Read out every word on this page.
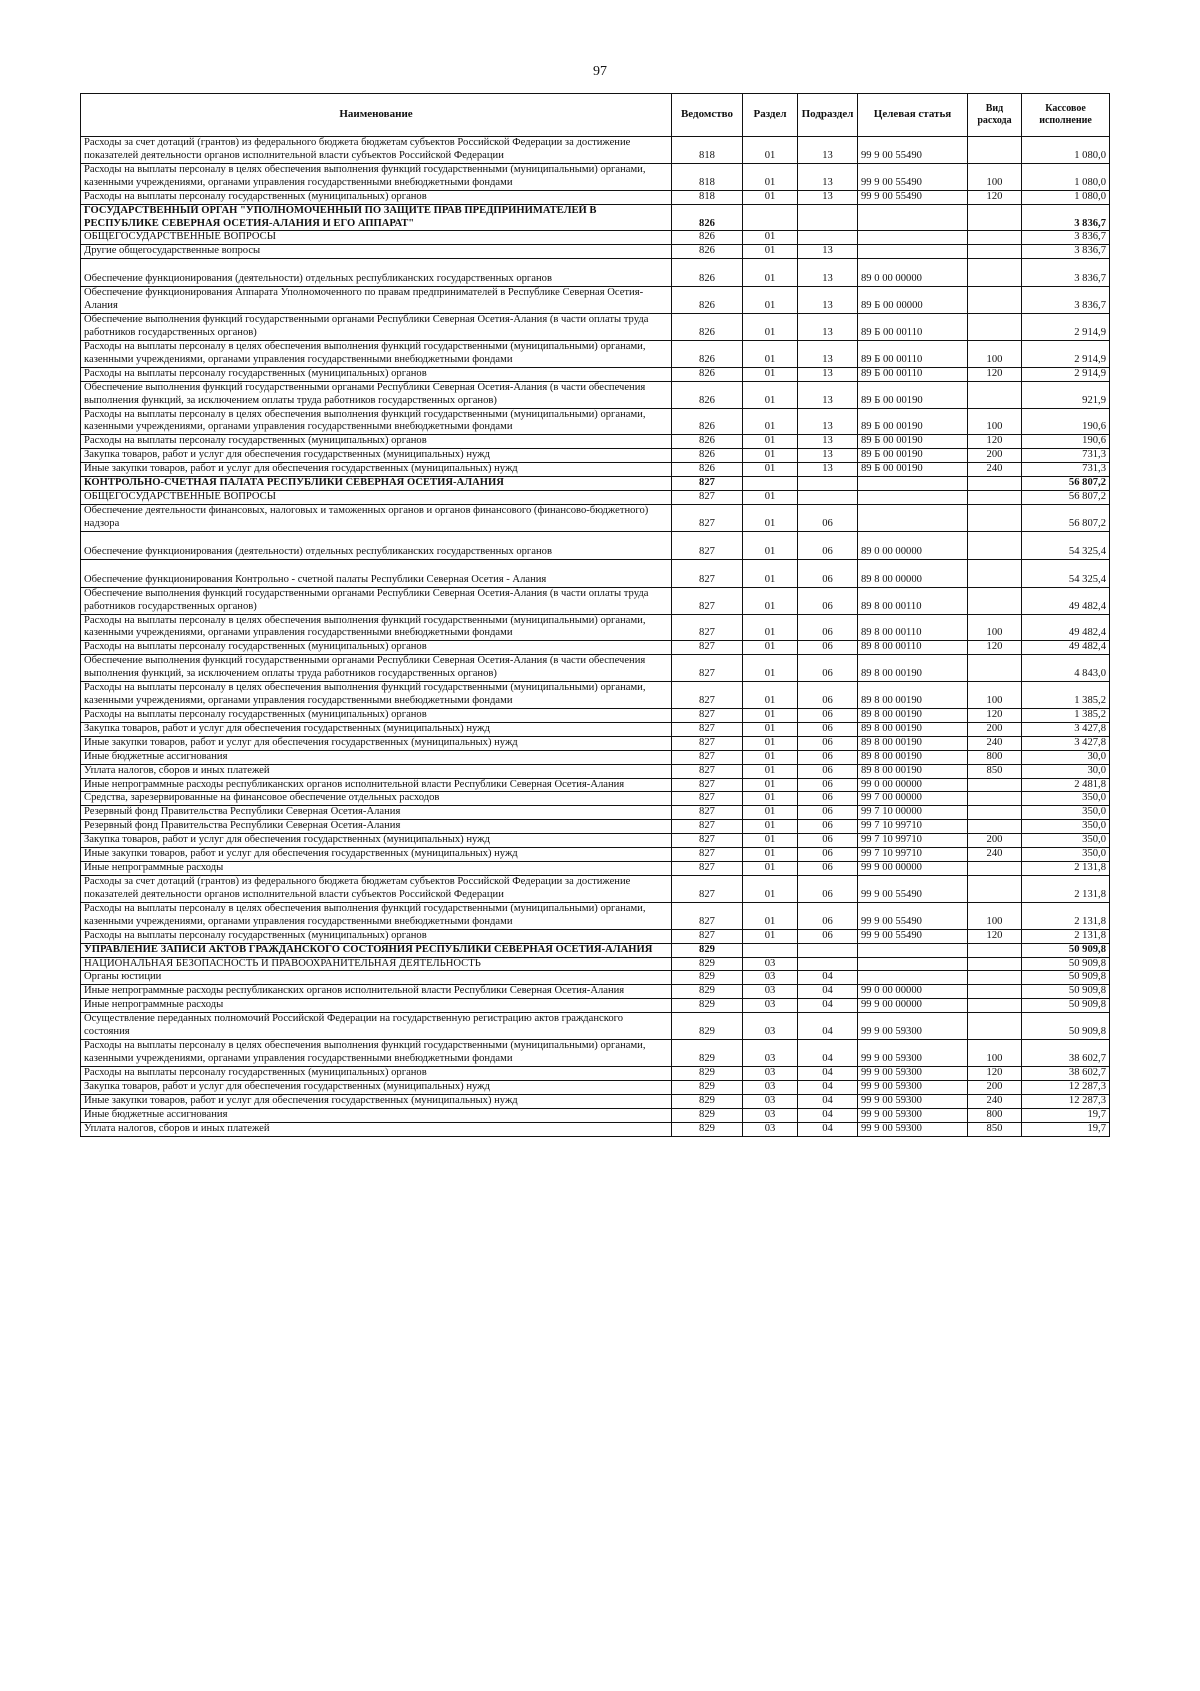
97
Наименование	Ведомство	Раздел	Подраздел	Целевая статья	Вид расхода	Кассовое исполнение
Расходы за счет дотаций (грантов) из федерального бюджета бюджетам субъектов Российской Федерации за достижение показателей деятельности органов исполнительной власти субъектов Российской Федерации	818	01	13	99 9 00 55490		1 080,0
Расходы на выплаты персоналу в целях обеспечения выполнения функций государственными (муниципальными) органами, казенными учреждениями, органами управления государственными внебюджетными фондами	818	01	13	99 9 00 55490	100	1 080,0
Расходы на выплаты персоналу государственных (муниципальных) органов	818	01	13	99 9 00 55490	120	1 080,0
ГОСУДАРСТВЕННЫЙ ОРГАН "УПОЛНОМОЧЕННЫЙ ПО ЗАЩИТЕ ПРАВ ПРЕДПРИНИМАТЕЛЕЙ В РЕСПУБЛИКЕ СЕВЕРНАЯ ОСЕТИЯ-АЛАНИЯ И ЕГО АППАРАТ"	826					3 836,7
ОБЩЕГОСУДАРСТВЕННЫЕ ВОПРОСЫ	826	01				3 836,7
Другие общегосударственные вопросы	826	01	13			3 836,7
Обеспечение функционирования (деятельности) отдельных республиканских государственных органов	826	01	13	89 0 00 00000		3 836,7
Обеспечение функционирования Аппарата Уполномоченного по правам предпринимателей в Республике Северная Осетия-Алания	826	01	13	89 Б 00 00000		3 836,7
Обеспечение выполнения функций государственными органами Республики Северная Осетия-Алания (в части оплаты труда работников государственных органов)	826	01	13	89 Б 00 00110		2 914,9
Расходы на выплаты персоналу в целях обеспечения выполнения функций государственными (муниципальными) органами, казенными учреждениями, органами управления государственными внебюджетными фондами	826	01	13	89 Б 00 00110	100	2 914,9
Расходы на выплаты персоналу государственных (муниципальных) органов	826	01	13	89 Б 00 00110	120	2 914,9
Обеспечение выполнения функций государственными органами Республики Северная Осетия-Алания (в части обеспечения выполнения функций, за исключением оплаты труда работников государственных органов)	826	01	13	89 Б 00 00190		921,9
Расходы на выплаты персоналу в целях обеспечения выполнения функций государственными (муниципальными) органами, казенными учреждениями, органами управления государственными внебюджетными фондами	826	01	13	89 Б 00 00190	100	190,6
Расходы на выплаты персоналу государственных (муниципальных) органов	826	01	13	89 Б 00 00190	120	190,6
Закупка товаров, работ и услуг для обеспечения государственных (муниципальных) нужд	826	01	13	89 Б 00 00190	200	731,3
Иные закупки товаров, работ и услуг для обеспечения государственных (муниципальных) нужд	826	01	13	89 Б 00 00190	240	731,3
КОНТРОЛЬНО-СЧЕТНАЯ ПАЛАТА РЕСПУБЛИКИ СЕВЕРНАЯ ОСЕТИЯ-АЛАНИЯ	827					56 807,2
ОБЩЕГОСУДАРСТВЕННЫЕ ВОПРОСЫ	827	01				56 807,2
Обеспечение деятельности финансовых, налоговых и таможенных органов и органов финансового (финансово-бюджетного) надзора	827	01	06			56 807,2
Обеспечение функционирования (деятельности) отдельных республиканских государственных органов	827	01	06	89 0 00 00000		54 325,4
Обеспечение функционирования Контрольно - счетной палаты Республики Северная Осетия - Алания	827	01	06	89 8 00 00000		54 325,4
Обеспечение выполнения функций государственными органами Республики Северная Осетия-Алания (в части оплаты труда работников государственных органов)	827	01	06	89 8 00 00110		49 482,4
Расходы на выплаты персоналу в целях обеспечения выполнения функций государственными (муниципальными) органами, казенными учреждениями, органами управления государственными внебюджетными фондами	827	01	06	89 8 00 00110	100	49 482,4
Расходы на выплаты персоналу государственных (муниципальных) органов	827	01	06	89 8 00 00110	120	49 482,4
Обеспечение выполнения функций государственными органами Республики Северная Осетия-Алания (в части обеспечения выполнения функций, за исключением оплаты труда работников государственных органов)	827	01	06	89 8 00 00190		4 843,0
Расходы на выплаты персоналу в целях обеспечения выполнения функций государственными (муниципальными) органами, казенными учреждениями, органами управления государственными внебюджетными фондами	827	01	06	89 8 00 00190	100	1 385,2
Расходы на выплаты персоналу государственных (муниципальных) органов	827	01	06	89 8 00 00190	120	1 385,2
Закупка товаров, работ и услуг для обеспечения государственных (муниципальных) нужд	827	01	06	89 8 00 00190	200	3 427,8
Иные закупки товаров, работ и услуг для обеспечения государственных (муниципальных) нужд	827	01	06	89 8 00 00190	240	3 427,8
Иные бюджетные ассигнования	827	01	06	89 8 00 00190	800	30,0
Уплата налогов, сборов и иных платежей	827	01	06	89 8 00 00190	850	30,0
Иные непрограммные расходы республиканских органов исполнительной власти Республики Северная Осетия-Алания	827	01	06	99 0 00 00000		2 481,8
Средства, зарезервированные на финансовое обеспечение отдельных расходов	827	01	06	99 7 00 00000		350,0
Резервный фонд Правительства Республики Северная Осетия-Алания	827	01	06	99 7 10 00000		350,0
Резервный фонд Правительства Республики Северная Осетия-Алания	827	01	06	99 7 10 99710		350,0
Закупка товаров, работ и услуг для обеспечения государственных (муниципальных) нужд	827	01	06	99 7 10 99710	200	350,0
Иные закупки товаров, работ и услуг для обеспечения государственных (муниципальных) нужд	827	01	06	99 7 10 99710	240	350,0
Иные непрограммные расходы	827	01	06	99 9 00 00000		2 131,8
Расходы за счет дотаций (грантов) из федерального бюджета бюджетам субъектов Российской Федерации за достижение показателей деятельности органов исполнительной власти субъектов Российской Федерации	827	01	06	99 9 00 55490		2 131,8
Расходы на выплаты персоналу в целях обеспечения выполнения функций государственными (муниципальными) органами, казенными учреждениями, органами управления государственными внебюджетными фондами	827	01	06	99 9 00 55490	100	2 131,8
Расходы на выплаты персоналу государственных (муниципальных) органов	827	01	06	99 9 00 55490	120	2 131,8
УПРАВЛЕНИЕ ЗАПИСИ АКТОВ ГРАЖДАНСКОГО СОСТОЯНИЯ РЕСПУБЛИКИ СЕВЕРНАЯ ОСЕТИЯ-АЛАНИЯ	829					50 909,8
НАЦИОНАЛЬНАЯ БЕЗОПАСНОСТЬ И ПРАВООХРАНИТЕЛЬНАЯ ДЕЯТЕЛЬНОСТЬ	829	03				50 909,8
Органы юстиции	829	03	04			50 909,8
Иные непрограммные расходы республиканских органов исполнительной власти Республики Северная Осетия-Алания	829	03	04	99 0 00 00000		50 909,8
Иные непрограммные расходы	829	03	04	99 9 00 00000		50 909,8
Осуществление переданных полномочий Российской Федерации на государственную регистрацию актов гражданского состояния	829	03	04	99 9 00 59300		50 909,8
Расходы на выплаты персоналу в целях обеспечения выполнения функций государственными (муниципальными) органами, казенными учреждениями, органами управления государственными внебюджетными фондами	829	03	04	99 9 00 59300	100	38 602,7
Расходы на выплаты персоналу государственных (муниципальных) органов	829	03	04	99 9 00 59300	120	38 602,7
Закупка товаров, работ и услуг для обеспечения государственных (муниципальных) нужд	829	03	04	99 9 00 59300	200	12 287,3
Иные закупки товаров, работ и услуг для обеспечения государственных (муниципальных) нужд	829	03	04	99 9 00 59300	240	12 287,3
Иные бюджетные ассигнования	829	03	04	99 9 00 59300	800	19,7
Уплата налогов, сборов и иных платежей	829	03	04	99 9 00 59300	850	19,7
